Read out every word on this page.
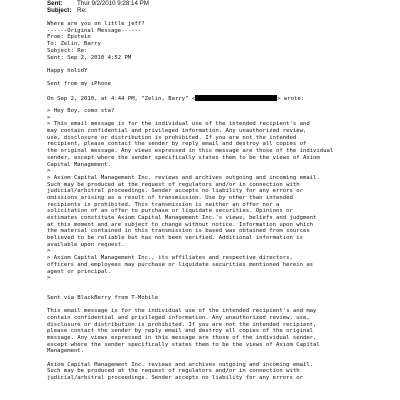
Sent: Thur 9/2/2010 9:28:14 PM
Subject: Re:
Where are you on little jeff?
------Original Message------
From: Epstein
To: Zelin, Barry
Subject: Re:
Sent: Sep 2, 2010 4:52 PM
Happy holidY
Sent from my iPhone
On Sep 2, 2010, at 4:44 PM, "Zelin, Barry" <	> wrote:
> Hey Boy, como sta?
>
> This email message is for the individual use of the intended recipient's and
may contain confidential and privileged information. Any unauthorized review,
use, disclosure or distribution is prohibited. If you are not the intended
recipient, please contact the sender by reply email and destroy all copies of
the original message. Any views expressed in this message are those of the individual
sender, except where the sender specifically states them to be the views of Axiom
Capital Management.
>
> Axiom Capital Management Inc. reviews and archives outgoing and incoming email.
Such may be produced at the request of regulators and/or in connection with
judicial/arbitral proceedings. Sender accepts no liability for any errors or
omissions arising as a result of transmission. Use by other than intended
recipients is prohibited. This transmission is neither an offer nor a
solicitation of an offer to purchase or liquidate securities. Opinions or
estimates constitute Axiom Capital Management Inc.'s views, beliefs and judgment
at this moment and are subject to change without notice. Information upon which
the material contained in this transmission is based was obtained from sources
believed to be reliable but has not been verified. Additional information is
available upon request.
>
> Axiom Capital Management Inc., its affiliates and respective directors,
officers and employees may purchase or liquidate securities mentioned herein as
agent or principal.
>
Sent via BlackBerry from T-Mobile
This email message is for the individual use of the intended recipient's and may
contain confidential and privileged information. Any unauthorized review, use,
disclosure or distribution is prohibited. If you are not the intended recipient,
please contact the sender by reply email and destroy all copies of the original
message. Any views expressed in this message are those of the individual sender,
except where the sender specifically states them to be the views of Axiom Capital
Management.
Axiom Capital Management Inc. reviews and archives outgoing and incoming email.
Such may be produced at the request of regulators and/or in connection with
judicial/arbitral proceedings. Sender accepts no liability for any errors or
